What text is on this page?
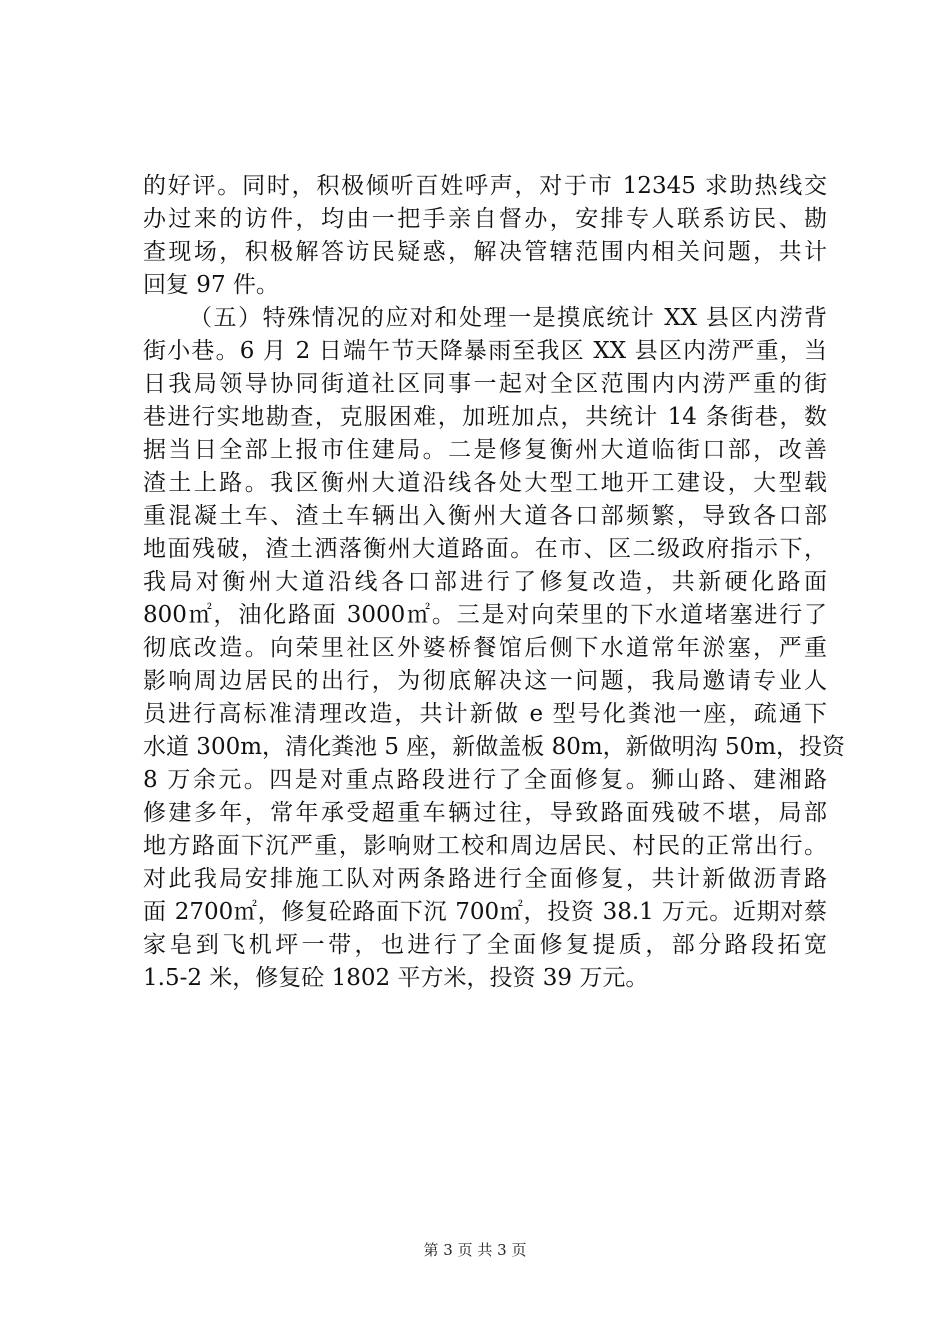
的好评。同时，积极倾听百姓呼声，对于市 12345 求助热线交
办过来的访件，均由一把手亲自督办，安排专人联系访民、勘
查现场，积极解答访民疑惑，解决管辖范围内相关问题，共计
回复 97 件。
（五）特殊情况的应对和处理一是摸底统计 XX 县区内涝背
街小巷。6 月 2 日端午节天降暴雨至我区 XX 县区内涝严重，当
日我局领导协同街道社区同事一起对全区范围内内涝严重的街
巷进行实地勘查，克服困难，加班加点，共统计 14 条街巷，数
据当日全部上报市住建局。二是修复衡州大道临街口部，改善
渣土上路。我区衡州大道沿线各处大型工地开工建设，大型载
重混凝土车、渣土车辆出入衡州大道各口部频繁，导致各口部
地面残破，渣土洒落衡州大道路面。在市、区二级政府指示下，
我局对衡州大道沿线各口部进行了修复改造，共新硬化路面
800㎡，油化路面 3000㎡。三是对向荣里的下水道堵塞进行了
彻底改造。向荣里社区外婆桥餐馆后侧下水道常年淤塞，严重
影响周边居民的出行，为彻底解决这一问题，我局邀请专业人
员进行高标准清理改造，共计新做 e 型号化粪池一座，疏通下
水道 300m，清化粪池 5 座，新做盖板 80m，新做明沟 50m，投资
8 万余元。四是对重点路段进行了全面修复。狮山路、建湘路
修建多年，常年承受超重车辆过往，导致路面残破不堪，局部
地方路面下沉严重，影响财工校和周边居民、村民的正常出行。
对此我局安排施工队对两条路进行全面修复，共计新做沥青路
面 2700㎡，修复砼路面下沉 700㎡，投资 38.1 万元。近期对蔡
家皂到飞机坪一带，也进行了全面修复提质，部分路段拓宽
1.5-2 米，修复砼 1802 平方米，投资 39 万元。
第 3 页 共 3 页
